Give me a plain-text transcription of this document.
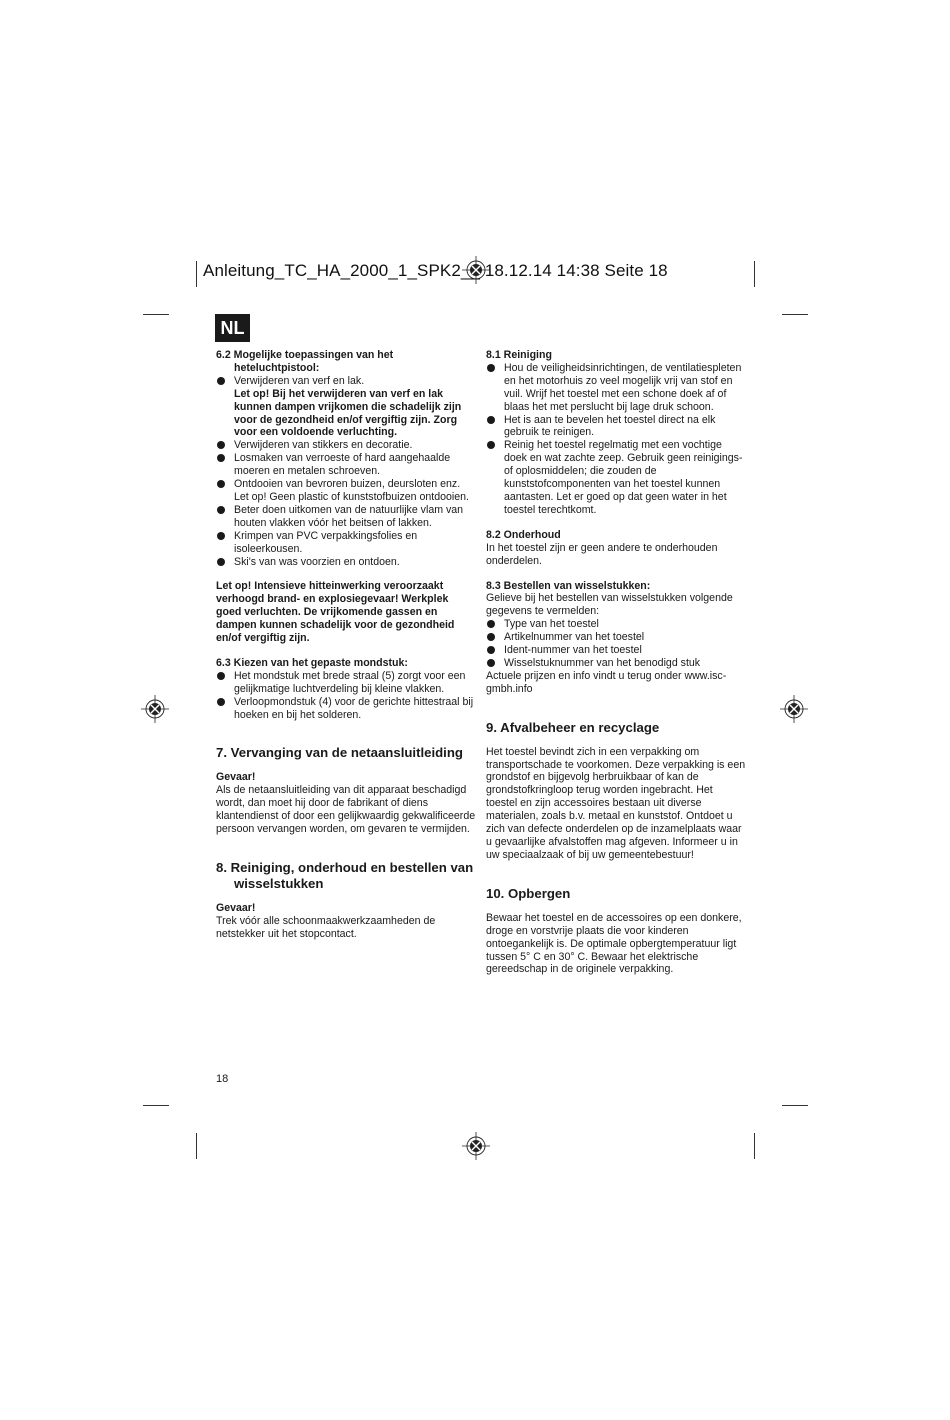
Anleitung_TC_HA_2000_1_SPK2__ 18.12.14 14:38 Seite 18
NL
6.2 Mogelijke toepassingen van het
heteluchtpistool:
Verwijderen van verf en lak.
Let op! Bij het verwijderen van verf en lak kunnen dampen vrijkomen die schadelijk zijn voor de gezondheid en/of vergiftig zijn. Zorg voor een voldoende verluchting.
Verwijderen van stikkers en decoratie.
Losmaken van verroeste of hard aangehaalde moeren en metalen schroeven.
Ontdooien van bevroren buizen, deursloten enz. Let op! Geen plastic of kunststofbuizen ontdooien.
Beter doen uitkomen van de natuurlijke vlam van houten vlakken vóór het beitsen of lakken.
Krimpen van PVC verpakkingsfolies en isoleerkousen.
Ski's van was voorzien en ontdoen.
Let op! Intensieve hitteinwerking veroorzaakt verhoogd brand- en explosiegevaar! Werkplek goed verluchten. De vrijkomende gassen en dampen kunnen schadelijk voor de gezondheid en/of vergiftig zijn.
6.3 Kiezen van het gepaste mondstuk:
Het mondstuk met brede straal (5) zorgt voor een gelijkmatige luchtverdeling bij kleine vlakken.
Verloopmondstuk (4) voor de gerichte hittestraal bij hoeken en bij het solderen.
7. Vervanging van de netaansluitleiding
Gevaar!
Als de netaansluitleiding van dit apparaat beschadigd wordt, dan moet hij door de fabrikant of diens klantendienst of door een gelijkwaardig gekwalificeerde persoon vervangen worden, om gevaren te vermijden.
8. Reiniging, onderhoud en bestellen van wisselstukken
Gevaar!
Trek vóór alle schoonmaakwerkzaamheden de netstekker uit het stopcontact.
8.1 Reiniging
Hou de veiligheidsinrichtingen, de ventilatiespleten en het motorhuis zo veel mogelijk vrij van stof en vuil. Wrijf het toestel met een schone doek af of blaas het met perslucht bij lage druk schoon.
Het is aan te bevelen het toestel direct na elk gebruik te reinigen.
Reinig het toestel regelmatig met een vochtige doek en wat zachte zeep. Gebruik geen reinigings- of oplosmiddelen; die zouden de kunststofcomponenten van het toestel kunnen aantasten. Let er goed op dat geen water in het toestel terechtkomt.
8.2 Onderhoud
In het toestel zijn er geen andere te onderhouden onderdelen.
8.3 Bestellen van wisselstukken:
Gelieve bij het bestellen van wisselstukken volgende gegevens te vermelden:
Type van het toestel
Artikelnummer van het toestel
Ident-nummer van het toestel
Wisselstuknummer van het benodigd stuk
Actuele prijzen en info vindt u terug onder www.isc-gmbh.info
9. Afvalbeheer en recyclage
Het toestel bevindt zich in een verpakking om transportschade te voorkomen. Deze verpakking is een grondstof en bijgevolg herbruikbaar of kan de grondstofkringloop terug worden ingebracht. Het toestel en zijn accessoires bestaan uit diverse materialen, zoals b.v. metaal en kunststof. Ontdoet u zich van defecte onderdelen op de inzamelplaats waar u gevaarlijke afvalstoffen mag afgeven. Informeer u in uw speciaalzaak of bij uw gemeentebestuur!
10. Opbergen
Bewaar het toestel en de accessoires op een donkere, droge en vorstvrije plaats die voor kinderen ontoegankelijk is. De optimale opbergtemperatuur ligt tussen 5° C en 30° C. Bewaar het elektrische gereedschap in de originele verpakking.
18
